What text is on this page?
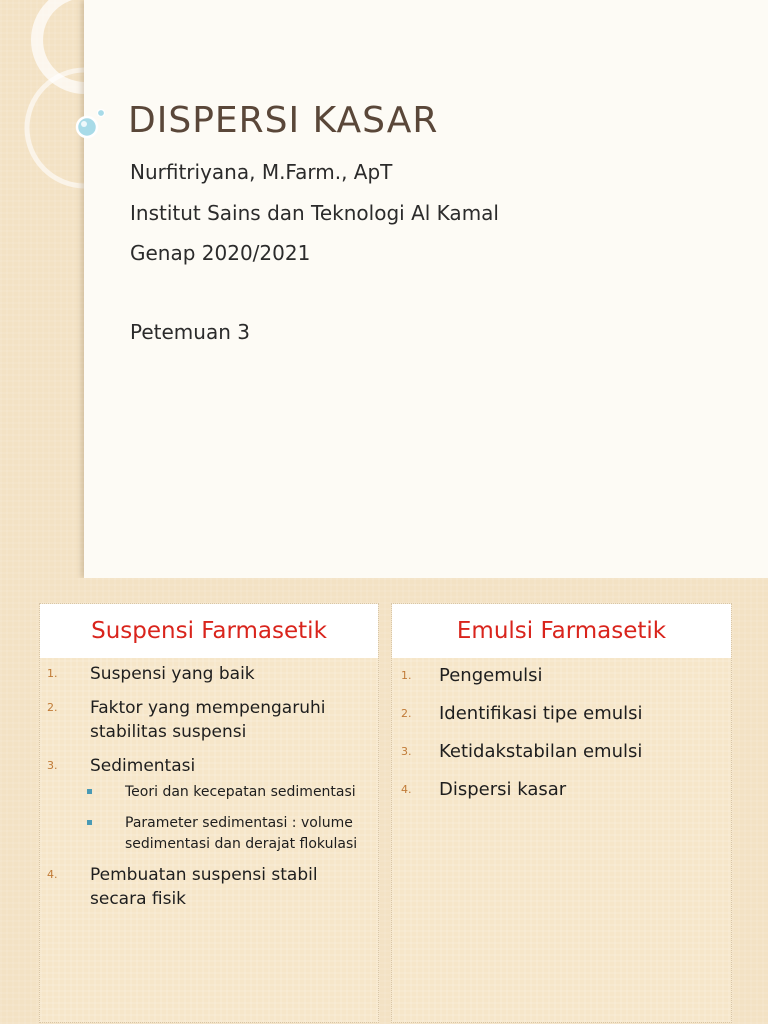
DISPERSI KASAR

Nurfitriyana, M.Farm., ApT

Institut Sains dan Teknologi Al Kamal

Genap 2020/2021

Petemuan 3

Suspensi Farmasetik
1. Suspensi yang baik
2. Faktor yang mempengaruhi stabilitas suspensi
3. Sedimentasi
Teori dan kecepatan sedimentasi
Parameter sedimentasi : volume sedimentasi dan derajat flokulasi
4. Pembuatan suspensi stabil secara fisik
Emulsi Farmasetik
1. Pengemulsi
2. Identifikasi tipe emulsi
3. Ketidakstabilan emulsi
4. Dispersi kasar
